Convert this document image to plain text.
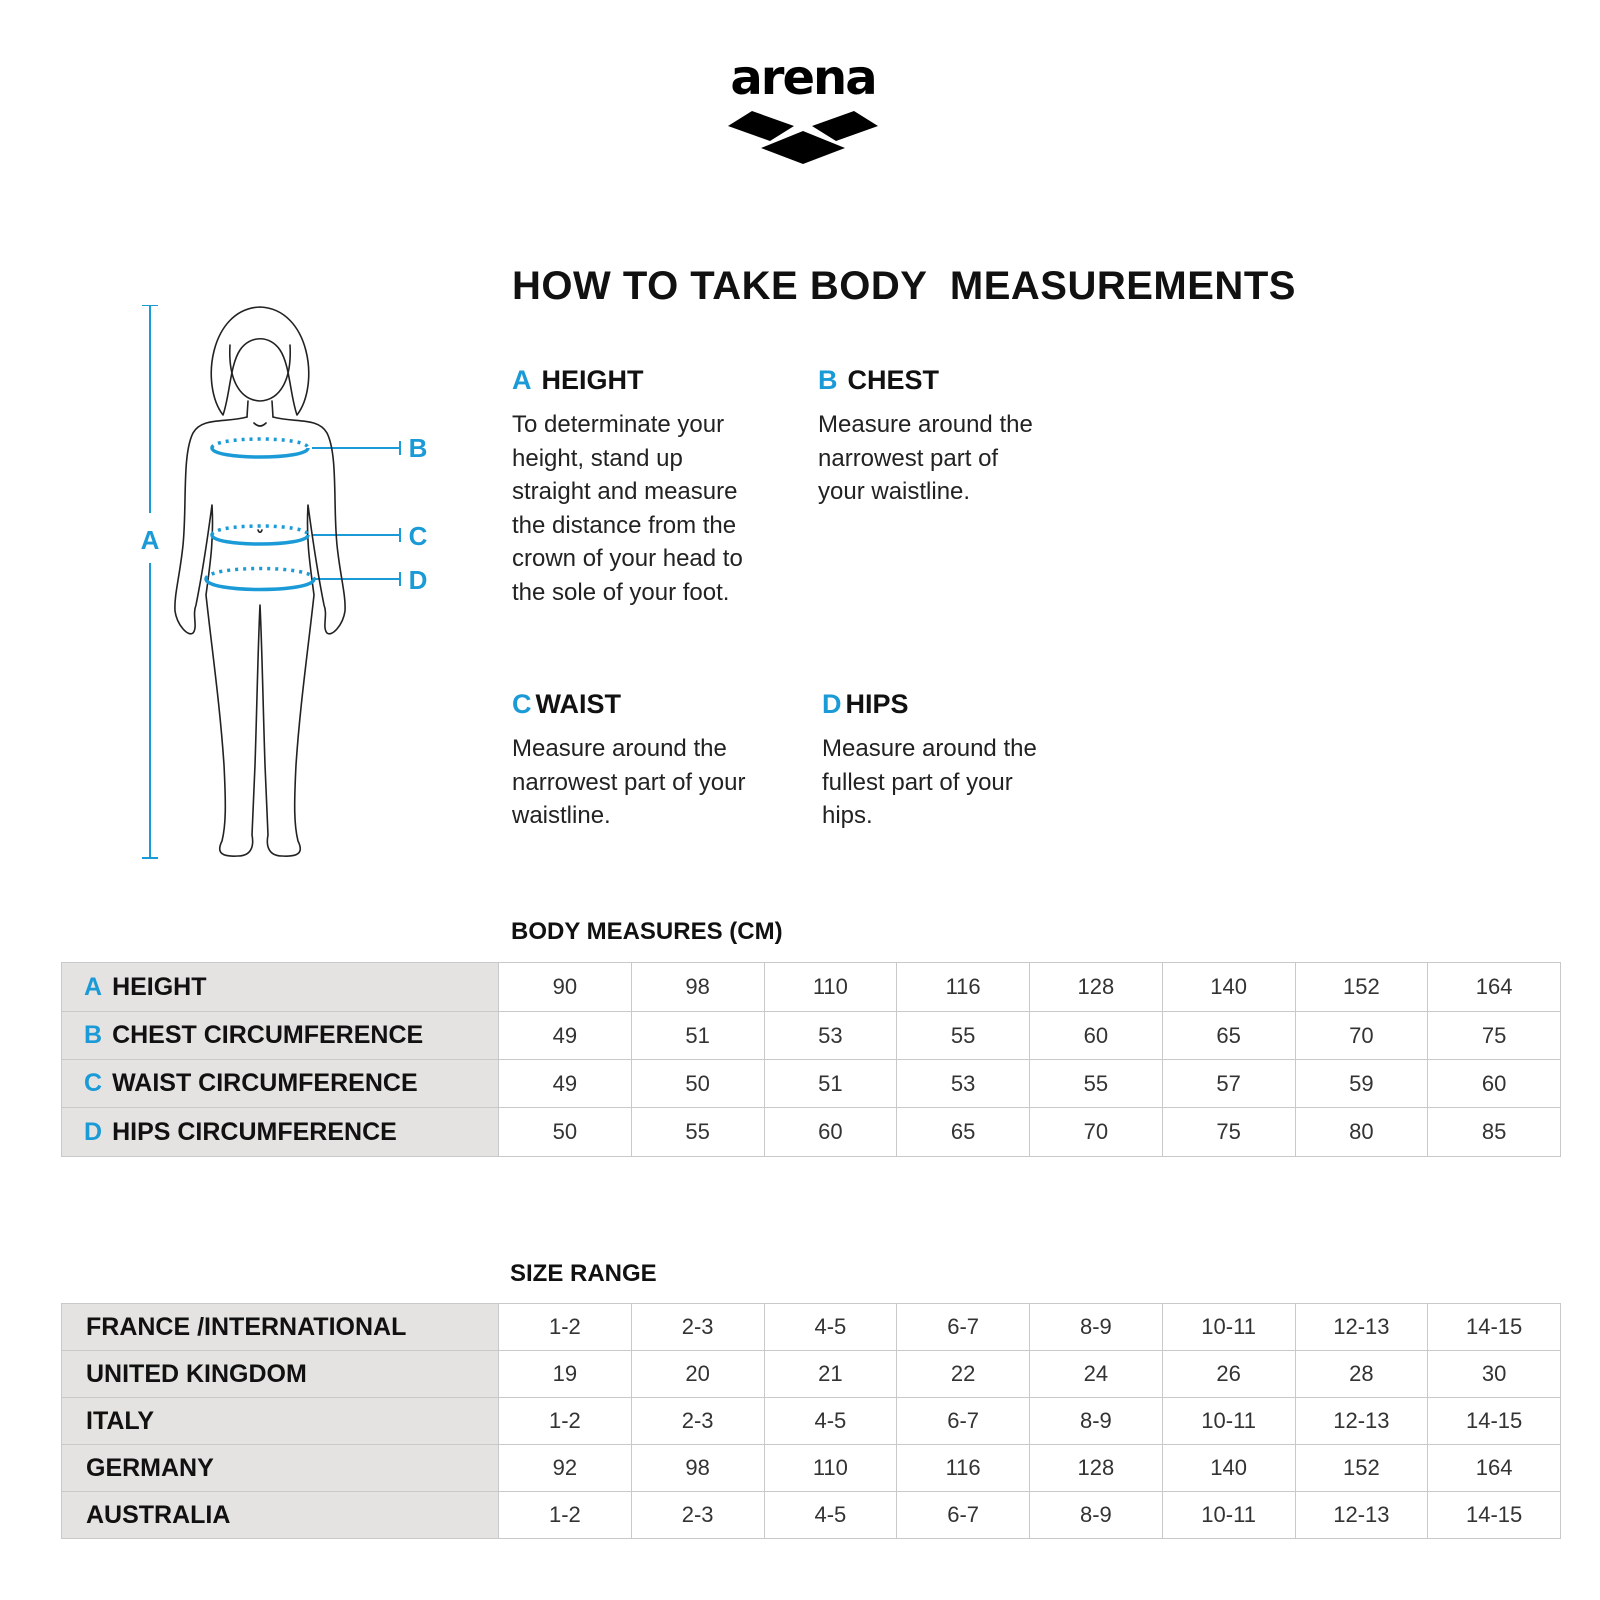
arena
HOW TO TAKE BODY  MEASUREMENTS
A
B
C
D
A HEIGHT
To determinate your
height, stand up
straight and measure
the distance from the
crown of your head to
the sole of your foot.
B CHEST
Measure around the
narrowest part of
your waistline.
C WAIST
Measure around the
narrowest part of your
waistline.
D HIPS
Measure around the
fullest part of your
hips.
BODY MEASURES (CM)
A HEIGHT	90	98	110	116	128	140	152	164
B CHEST CIRCUMFERENCE	49	51	53	55	60	65	70	75
C WAIST CIRCUMFERENCE	49	50	51	53	55	57	59	60
D HIPS CIRCUMFERENCE	50	55	60	65	70	75	80	85
SIZE RANGE
FRANCE /INTERNATIONAL	1-2	2-3	4-5	6-7	8-9	10-11	12-13	14-15
UNITED KINGDOM	19	20	21	22	24	26	28	30
ITALY	1-2	2-3	4-5	6-7	8-9	10-11	12-13	14-15
GERMANY	92	98	110	116	128	140	152	164
AUSTRALIA	1-2	2-3	4-5	6-7	8-9	10-11	12-13	14-15
